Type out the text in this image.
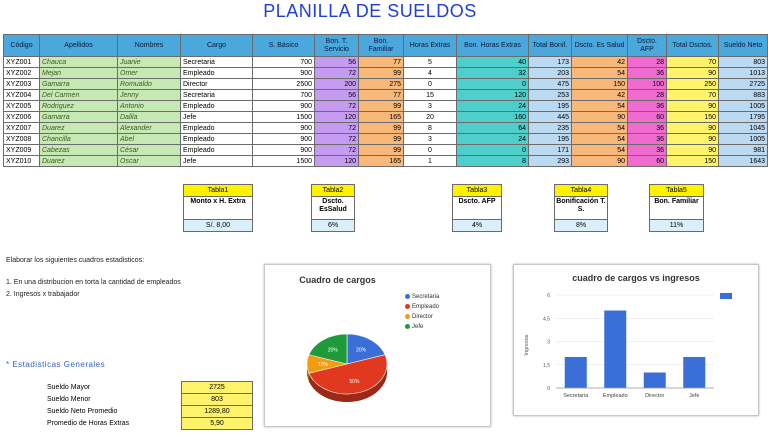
PLANILLA DE SUELDOS
Código	Apellidos	Nombres	Cargo	S. Básico	Bon. T. Servicio	Bon. Familiar	Horas Extras	Bon. Horas Extras	Total Bonif.	Dscto. Es Salud	Dscto. AFP	Total Dsctos.	Sueldo Neto
XYZ001	Chauca	Juanie	Secretaria	700	56	77	5	40	173	42	28	70	803
XYZ002	Mejan	Omer	Empleado	900	72	99	4	32	203	54	36	90	1013
XYZ003	Gamarra	Romualdo	Director	2500	200	275	0	0	475	150	100	250	2725
XYZ004	Del Carmen	Jenny	Secretaria	700	56	77	15	120	253	42	28	70	883
XYZ005	Rodriguez	Antonio	Empleado	900	72	99	3	24	195	54	36	90	1005
XYZ006	Gamarra	Dalila	Jefe	1500	120	165	20	160	445	90	60	150	1795
XYZ007	Duarez	Alexander	Empleado	900	72	99	8	64	235	54	36	90	1045
XYZ008	Chancilla	Abel	Empleado	900	72	99	3	24	195	54	36	90	1005
XYZ009	Cabezas	César	Empleado	900	72	99	0	0	171	54	36	90	981
XYZ010	Duarez	Oscar	Jefe	1500	120	165	1	8	293	90	60	150	1643
Tabla1
Monto x H. Extra
S/. 8,00
Tabla2
Dscto. EsSalud
6%
Tabla3
Dscto. AFP
4%
Tabla4
Bonificación T. S.
8%
Tabla5
Bon. Familiar
11%
Elaborar los siguientes cuadros estadisticos:
1. En una distribucion en torta la cantidad de empleados
2. Ingresos x trabajador
* Estadisticas Generales
Sueldo Mayor	2725
Sueldo Menor	803
Sueldo Neto Promedio	1289,80
Promedio de Horas Extras	5,90
Cuadro de cargos
20%
50%
10%
20%
Secretaria
Empleado
Director
Jefe
cuadro de cargos vs ingresos
0
1,5
3
4,5
6
Ingresos
Secretaria	Empleado	Director	Jefe
